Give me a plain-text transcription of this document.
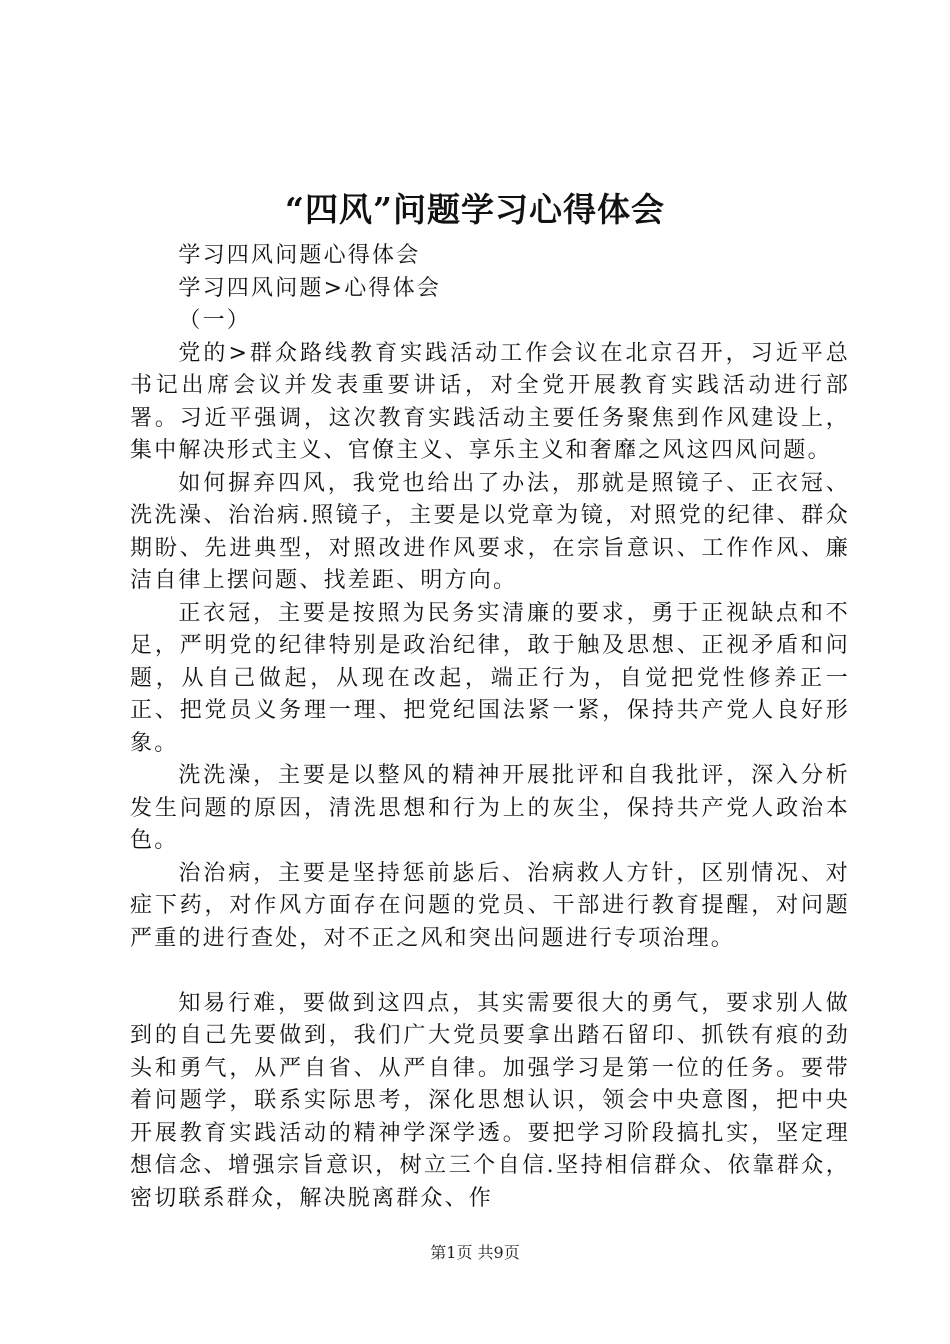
“四风”问题学习心得体会

学习四风问题心得体会

学习四风问题>心得体会

（一）

党的>群众路线教育实践活动工作会议在北京召开，习近平总书记出席会议并发表重要讲话，对全党开展教育实践活动进行部署。习近平强调，这次教育实践活动主要任务聚焦到作风建设上，集中解决形式主义、官僚主义、享乐主义和奢靡之风这四风问题。

如何摒弃四风，我党也给出了办法，那就是照镜子、正衣冠、洗洗澡、治治病.照镜子，主要是以党章为镜，对照党的纪律、群众期盼、先进典型，对照改进作风要求，在宗旨意识、工作作风、廉洁自律上摆问题、找差距、明方向。

正衣冠，主要是按照为民务实清廉的要求，勇于正视缺点和不足，严明党的纪律特别是政治纪律，敢于触及思想、正视矛盾和问题，从自己做起，从现在改起，端正行为，自觉把党性修养正一正、把党员义务理一理、把党纪国法紧一紧，保持共产党人良好形象。

洗洗澡，主要是以整风的精神开展批评和自我批评，深入分析发生问题的原因，清洗思想和行为上的灰尘，保持共产党人政治本色。

治治病，主要是坚持惩前毖后、治病救人方针，区别情况、对症下药，对作风方面存在问题的党员、干部进行教育提醒，对问题严重的进行查处，对不正之风和突出问题进行专项治理。

知易行难，要做到这四点，其实需要很大的勇气，要求别人做到的自己先要做到，我们广大党员要拿出踏石留印、抓铁有痕的劲头和勇气，从严自省、从严自律。加强学习是第一位的任务。要带着问题学，联系实际思考，深化思想认识，领会中央意图，把中央开展教育实践活动的精神学深学透。要把学习阶段搞扎实，坚定理想信念、增强宗旨意识，树立三个自信.坚持相信群众、依靠群众，密切联系群众，解决脱离群众、作

第1页 共9页
